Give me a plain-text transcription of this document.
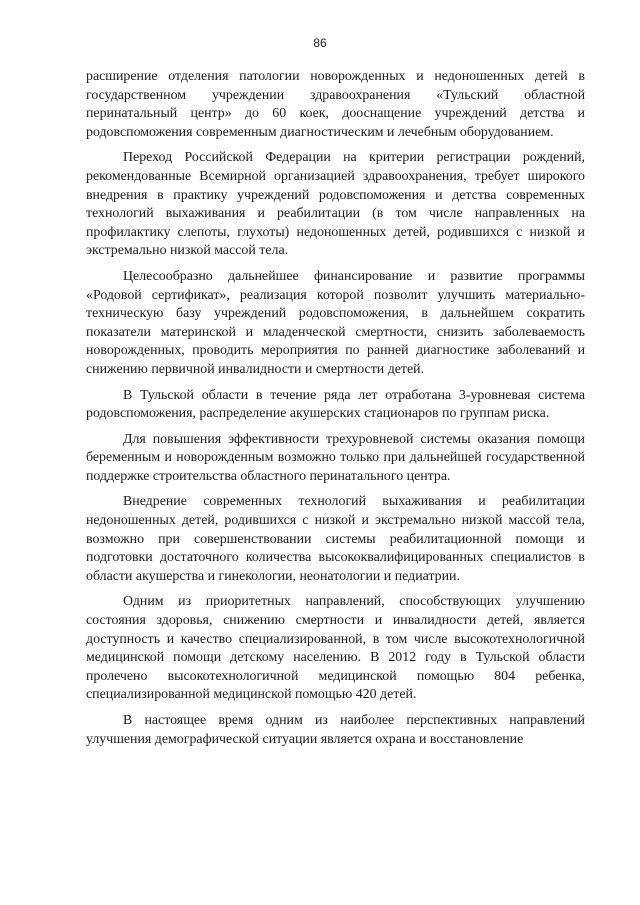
86

расширение отделения патологии новорожденных и недоношенных детей в государственном учреждении здравоохранения «Тульский областной перинатальный центр» до 60 коек, дооснащение учреждений детства и родовспоможения современным диагностическим и лечебным оборудованием.

Переход Российской Федерации на критерии регистрации рождений, рекомендованные Всемирной организацией здравоохранения, требует широкого внедрения в практику учреждений родовспоможения и детства современных технологий выхаживания и реабилитации (в том числе направленных на профилактику слепоты, глухоты) недоношенных детей, родившихся с низкой и экстремально низкой массой тела.

Целесообразно дальнейшее финансирование и развитие программы «Родовой сертификат», реализация которой позволит улучшить материально-техническую базу учреждений родовспоможения, в дальнейшем сократить показатели материнской и младенческой смертности, снизить заболеваемость новорожденных, проводить мероприятия по ранней диагностике заболеваний и снижению первичной инвалидности и смертности детей.

В Тульской области в течение ряда лет отработана 3-уровневая система родовспоможения, распределение акушерских стационаров по группам риска.

Для повышения эффективности трехуровневой системы оказания помощи беременным и новорожденным возможно только при дальнейшей государственной поддержке строительства областного перинатального центра.

Внедрение современных технологий выхаживания и реабилитации недоношенных детей, родившихся с низкой и экстремально низкой массой тела, возможно при совершенствовании системы реабилитационной помощи и подготовки достаточного количества высококвалифицированных специалистов в области акушерства и гинекологии, неонатологии и педиатрии.

Одним из приоритетных направлений, способствующих улучшению состояния здоровья, снижению смертности и инвалидности детей, является доступность и качество специализированной, в том числе высокотехнологичной медицинской помощи детскому населению. В 2012 году в Тульской области пролечено высокотехнологичной медицинской помощью 804 ребенка, специализированной медицинской помощью 420 детей.

В настоящее время одним из наиболее перспективных направлений улучшения демографической ситуации является охрана и восстановление
